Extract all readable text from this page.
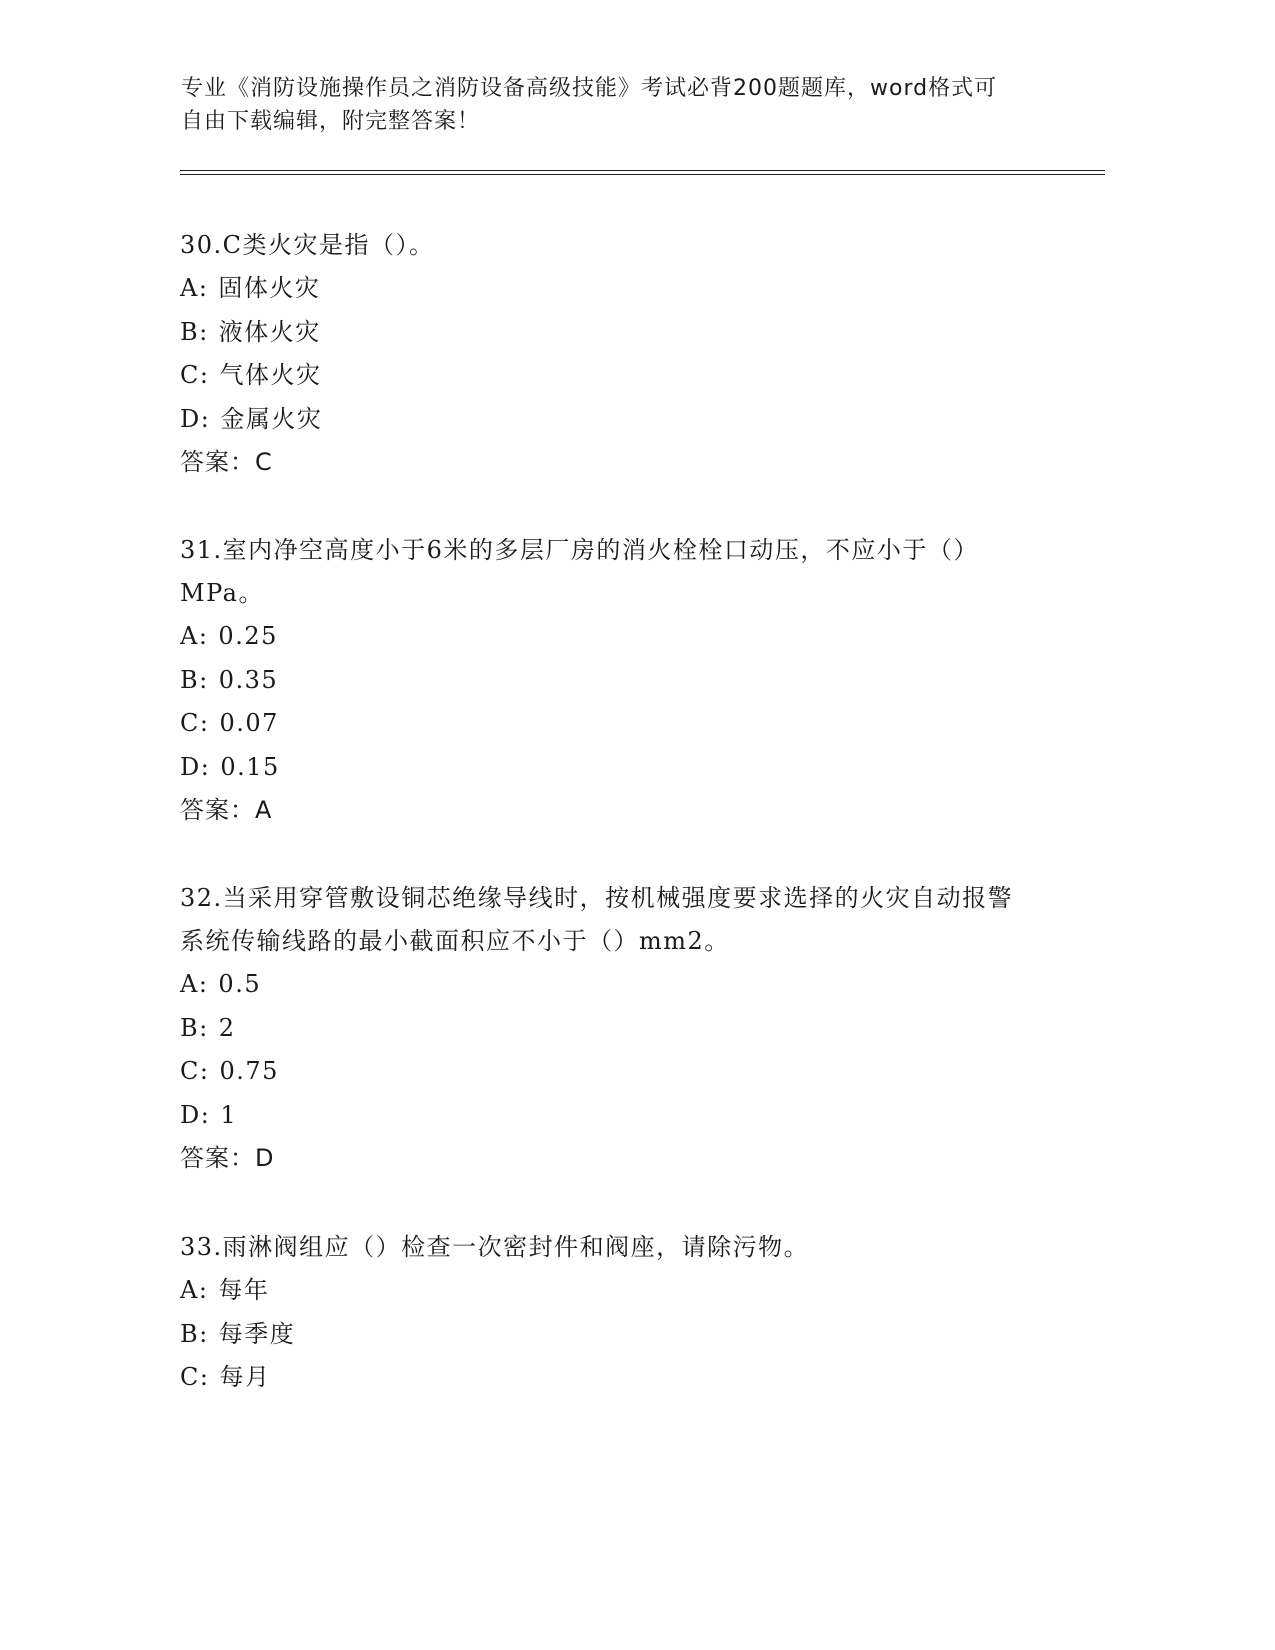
专业《消防设施操作员之消防设备高级技能》考试必背200题题库，word格式可
自由下载编辑，附完整答案！
30.C类火灾是指（）。
A: 固体火灾
B: 液体火灾
C: 气体火灾
D: 金属火灾
答案：C
31.室内净空高度小于6米的多层厂房的消火栓栓口动压，不应小于（）MPa。
A: 0.25
B: 0.35
C: 0.07
D: 0.15
答案：A
32.当采用穿管敷设铜芯绝缘导线时，按机械强度要求选择的火灾自动报警系统传输线路的最小截面积应不小于（）mm2。
A: 0.5
B: 2
C: 0.75
D: 1
答案：D
33.雨淋阀组应（）检查一次密封件和阀座，请除污物。
A: 每年
B: 每季度
C: 每月
